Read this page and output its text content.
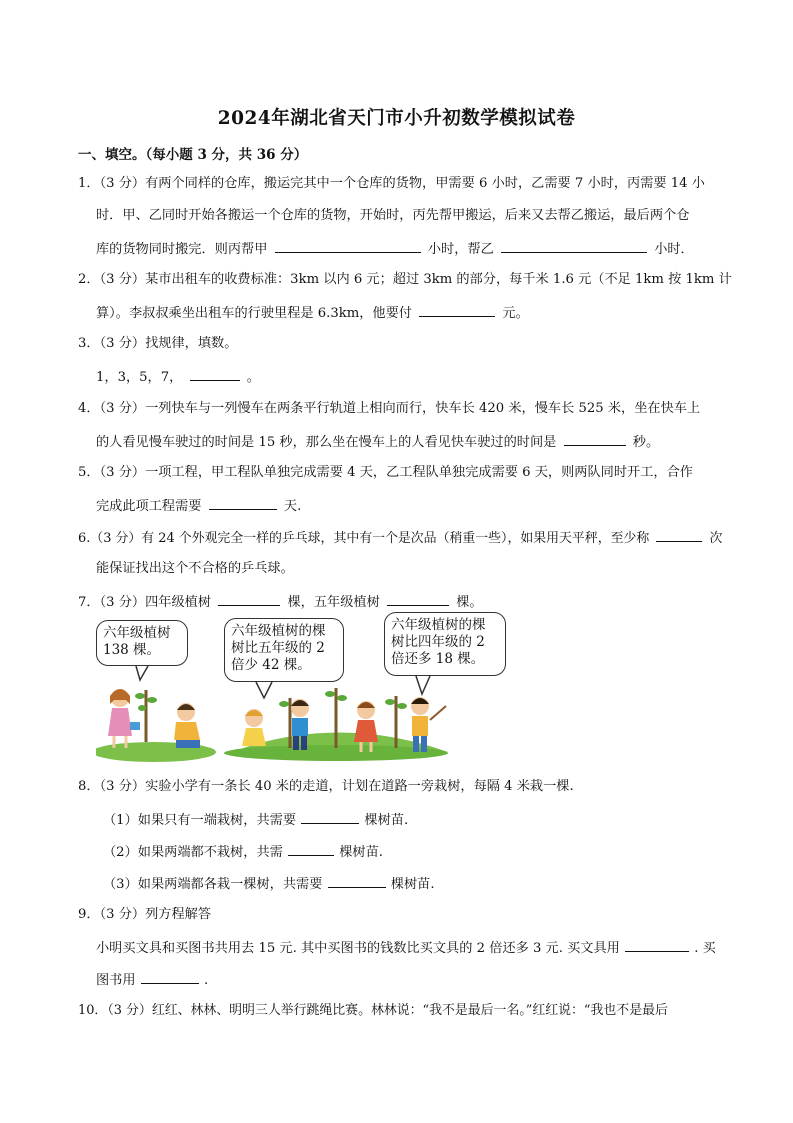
2024年湖北省天门市小升初数学模拟试卷
一、填空。（每小题 3 分，共 36 分）
1．（3 分）有两个同样的仓库，搬运完其中一个仓库的货物，甲需要 6 小时，乙需要 7 小时，丙需要 14 小
时．甲、乙同时开始各搬运一个仓库的货物，开始时，丙先帮甲搬运，后来又去帮乙搬运，最后两个仓
库的货物同时搬完．则丙帮甲	小时，帮乙	小时．
2．（3 分）某市出租车的收费标准：3km 以内 6 元；超过 3km 的部分，每千米 1.6 元（不足 1km 按 1km 计
算）。李叔叔乘坐出租车的行驶里程是 6.3km，他要付	元。
3．（3 分）找规律，填数。
1，3，5，7，	。
4．（3 分）一列快车与一列慢车在两条平行轨道上相向而行，快车长 420 米，慢车长 525 米，坐在快车上
的人看见慢车驶过的时间是 15 秒，那么坐在慢车上的人看见快车驶过的时间是	秒。
5．（3 分）一项工程，甲工程队单独完成需要 4 天，乙工程队单独完成需要 6 天，则两队同时开工，合作
完成此项工程需要	天.
6.（3 分）有 24 个外观完全一样的乒乓球，其中有一个是次品（稍重一些），如果用天平秤，至少称	次
能保证找出这个不合格的乒乓球。
7．（3 分）四年级植树	棵，五年级植树	棵。
六年级植树
138 棵。
六年级植树的棵
树比五年级的 2
倍少 42 棵。
六年级植树的棵
树比四年级的 2
倍还多 18 棵。
8．（3 分）实验小学有一条长 40 米的走道，计划在道路一旁栽树，每隔 4 米栽一棵.
（1）如果只有一端栽树，共需要	棵树苗.
（2）如果两端都不栽树，共需	棵树苗.
（3）如果两端都各栽一棵树，共需要	棵树苗.
9．（3 分）列方程解答
小明买文具和买图书共用去 15 元. 其中买图书的钱数比买文具的 2 倍还多 3 元. 买文具用	. 买
图书用	.
10．（3 分）红红、林林、明明三人举行跳绳比赛。林林说：“我不是最后一名。”红红说：“我也不是最后
